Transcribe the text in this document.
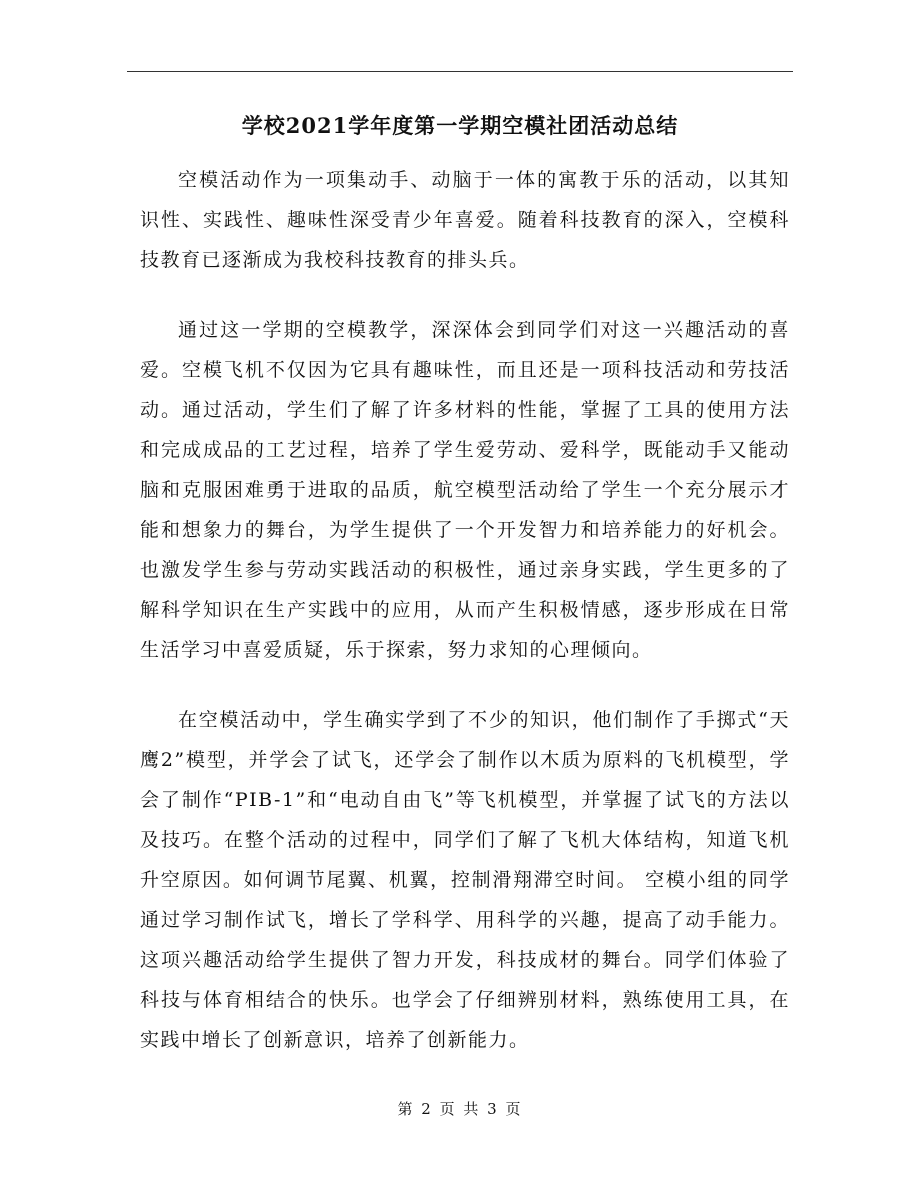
学校2021学年度第一学期空模社团活动总结

空模活动作为一项集动手、动脑于一体的寓教于乐的活动，以其知识性、实践性、趣味性深受青少年喜爱。随着科技教育的深入，空模科技教育已逐渐成为我校科技教育的排头兵。

通过这一学期的空模教学，深深体会到同学们对这一兴趣活动的喜爱。空模飞机不仅因为它具有趣味性，而且还是一项科技活动和劳技活动。通过活动，学生们了解了许多材料的性能，掌握了工具的使用方法和完成成品的工艺过程，培养了学生爱劳动、爱科学，既能动手又能动脑和克服困难勇于进取的品质，航空模型活动给了学生一个充分展示才能和想象力的舞台，为学生提供了一个开发智力和培养能力的好机会。也激发学生参与劳动实践活动的积极性，通过亲身实践，学生更多的了解科学知识在生产实践中的应用，从而产生积极情感，逐步形成在日常生活学习中喜爱质疑，乐于探索，努力求知的心理倾向。

在空模活动中，学生确实学到了不少的知识，他们制作了手掷式“天鹰2”模型，并学会了试飞，还学会了制作以木质为原料的飞机模型，学会了制作“PIB-1”和“电动自由飞”等飞机模型，并掌握了试飞的方法以及技巧。在整个活动的过程中，同学们了解了飞机大体结构，知道飞机升空原因。如何调节尾翼、机翼，控制滑翔滞空时间。 空模小组的同学通过学习制作试飞，增长了学科学、用科学的兴趣，提高了动手能力。这项兴趣活动给学生提供了智力开发，科技成材的舞台。同学们体验了科技与体育相结合的快乐。也学会了仔细辨别材料，熟练使用工具，在实践中增长了创新意识，培养了创新能力。

第 2 页 共 3 页
